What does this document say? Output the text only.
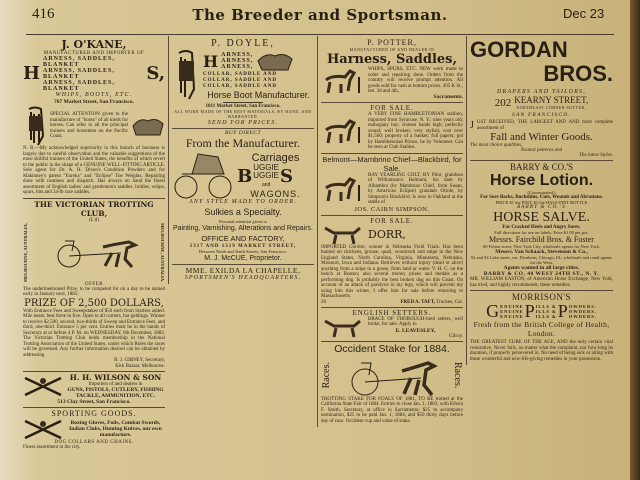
416	The Breeder and Sportsman.	Dec 23
J. O'KANE,
MANUFACTURER AND IMPORTER OF
H
ARNESS, SADDLES, BLANKET
ARNESS, SADDLES, BLANKET
ARNESS, SADDLES, BLANKET
S,
WHIPS, BOOTS, ETC.
767 Market Street, San Francisco.
SPECIAL ATTENTION given to the manufacture of "boots" of all kinds for horses. Can refer to all the principal trainers and horsemen on the Pacific Coast.
N. B.—My acknowledged superiority in this branch of business is largely due to careful observation and the valuable suggestions of the most skillful trainers of the United States, the benefits of which revert to the public in the shape of a GENUINE WELL-FITTING ARTICLE. Sole agent for Dr. A. H. Dixon's Condition Powders and for Makinney's patent "Eureka" and "Eclipse" Toe Weights. Repairing done with neatness and dispatch. Has always on hand the finest assortment of English ladies' and gentlemen's saddles, bridles, whips, spurs, bits and 24-lb race saddles.
THE VICTORIAN TROTTING CLUB,
(L'd)
MELBOURNE, AUSTRALIA.	MELBOURNE, AUSTRALIA.
OFFER
The undermentioned Prize, to be competed for on a day to be named early in January next, 1885:
PRIZE OF 2,500 DOLLARS,
With Entrance Fees and Sweepstakes of $50 each from Starters added. Mile heats; best three in five. Open to all comers, bar geldings. Winner to receive $2,500, second, two-thirds of Sweep and Entrance Fees, and third, one-third. Entrance 5 per cent. Entries must be in the hands of Secretary at or before 4 P. M. on WEDNESDAY, 6th December, 1882. The Victorian Trotting Club holds membership in the National Trotting Association of the United States, under which Rules the races will be governed. Any further information desired can be obtained by addressing
R. J. GIBNEY, Secretary,
Kirk Bazaar, Melbourne.
H. H. WILSON & SON
Importers of and dealers in
GUNS, PISTOLS, CUTLERY, FISHING TACKLE, AMMUNITION, ETC.
513 Clay Street, San Francisco.
SPORTING GOODS.
Boxing Gloves, Foils, Combat Swords, Indian Clubs, Hunting Knives, our own manufacture.
DOG COLLARS AND CHAINS.
Finest assortment in the city.
P. DOYLE,
H ARNESS,
ARNESS,
ARNESS,
COLLAR, SADDLE AND
COLLAR, SADDLE AND
COLLAR, SADDLE AND
Horse Boot Manufacturer.
1011 Market Street, San Francisco.
ALL WORK MADE OF THE BEST MATERIALS, BY HAND, AND WARRANTED.
SEND FOR PRICES.
BUY DIRECT
From the Manufacturer.
Carriages
B UGGIE
UGGIE
and S
WAGONS.
ANY STYLE MADE TO ORDER.
Sulkies a Specialty.
Personal attention given to
Painting, Varnishing, Alterations and Repairs.
OFFICE AND FACTORY,
1317 AND 1319 MARKET STREET,
Between Ninth and Tenth Streets, San Francisco.
M. J. McCUE, Proprietor.
MME. EXILDA LA CHAPELLE,
SPORTSMEN'S HEADQUARTERS.
P. POTTER,
MANUFACTURER OF AND DEALER IN
Harness, Saddles,
WHIPS, SPURS, ETC. NEW work made to order and repairing done. Orders from the country will receive prompt attention. All goods sold for cash at bottom prices. 305 K St., bet. 3d and 4th,
Sacramento.
FOR SALE.
A VERY FINE HAMBLETONIAN stallion, imported from Syracuse, N. Y.; nine years old; mahogany bay; sixteen hands high; perfectly sound; well broken; very stylish; cost over $1,500; property of a banker; full papers; got by Hambletonian Prince, he by Volunteer. Can be seen at Club Stables.
Belmont—Mambrino Chief—Blackbird, for Sale.
BAY YEARLING COLT, BY Pilot, grandson of Williamson's Belmont, his dam by Alhambra (by Mambrino Chief, from Susan, by American Eclipse) grandam Oriole, by Simpson's Blackbird. Is now in Oakland at the stable of
JOS. CAIRN SIMPSON.
FOR SALE.
DORR,
IMPORTED Gordon; winner in Nebraska Field Trials. Has been hunted on chickens, grouse, quail, woodcock and snipe in the New England States, North Carolina, Virginia, Minnesota, Nebraska, Missouri, Iowa and Indiana. Retrieves without injury (dead or alive) anything from a snipe to a goose, from land or water. V. H. C. on the bench at Boston; also several money prizes and medals as a performing dog. Is probably the best broken dog on this Coast. On account of an attack of paralysis in my legs, which will prevent my using him this winter, I offer him for sale before returning to Massachusetts.
26	FRED A. TAFT, Truckee, Cal.
ENGLISH SETTERS.
BRACE OF THOROUGH-bred setters, well broke, for sale. Apply to
E. LEAVESLEY,
Gilroy.
Occident Stake for 1884.
Races.	Races.
TROTTING STAKE FOR FOALS OF 1881, TO BE trotted at the California State Fair of 1884. Entries to close Jan. 1, 1883, with Edwin F. Smith, Secretary, at office in Sacramento; $25 to accompany nomination, $25 to be paid Jan. 1, 1884, and $50 thirty days before day of race. Occident cup and value of stake.
GORDAN
BROS.
DRAPERS AND TAILORS,
202 KEARNY STREET,
NORTHEAST CORNER SUTTER,
SAN FRANCISCO.
J UST RECEIVED, THE LARGEST AND AND most complete assortment of
Fall and Winter Goods.
The most choice qualities,
Neatest patterns and
The latest Styles.
BARRY & CO.'S
Horse Lotion.
(Concentrated.)
For Sore Backs, Buckshins, Cuts, Wounds and Abrasions.
PRICE $1 the PINT, $1 the HALF-PINT BOTTLE
BARRY & CO.'S
HORSE SALVE.
For Cracked Heels and Angry Sores.
Full directions for use on labels. Price $1 00 per pot.
Messrs. Fairchild Bros. & Foster
60 Fulton street, New York City, wholesale agents for New York.
Messrs. Van Schaack, Stevenson & Co.,
92 and 94 Lake street, cor. Dearborn, Chicago, Ill.; wholesale and retail agents for the West.
Agents wanted in all large cities.
BARRY & CO. 40 WEST 24TH ST., N. Y.
MR. WILLIAM EASTON, of American Horse Exchange, New York, has tried, and highly recommends, these remedies.
MORRISON'S
G ENUINE
ENUINE
ENUINE P ILLS &
ILLS &
ILLS & P OWDERS.
OWDERS.
OWDERS.
Fresh from the British College of Health, London.
THE GREATEST CURE OF THE AGE, AND the only certain vital restorative. Never fails, no matter what the complaint, nor how long its duration, if properly persevered in. No need of being sick or ailing with these wonderful and new-life-giving remedies in your possession.
